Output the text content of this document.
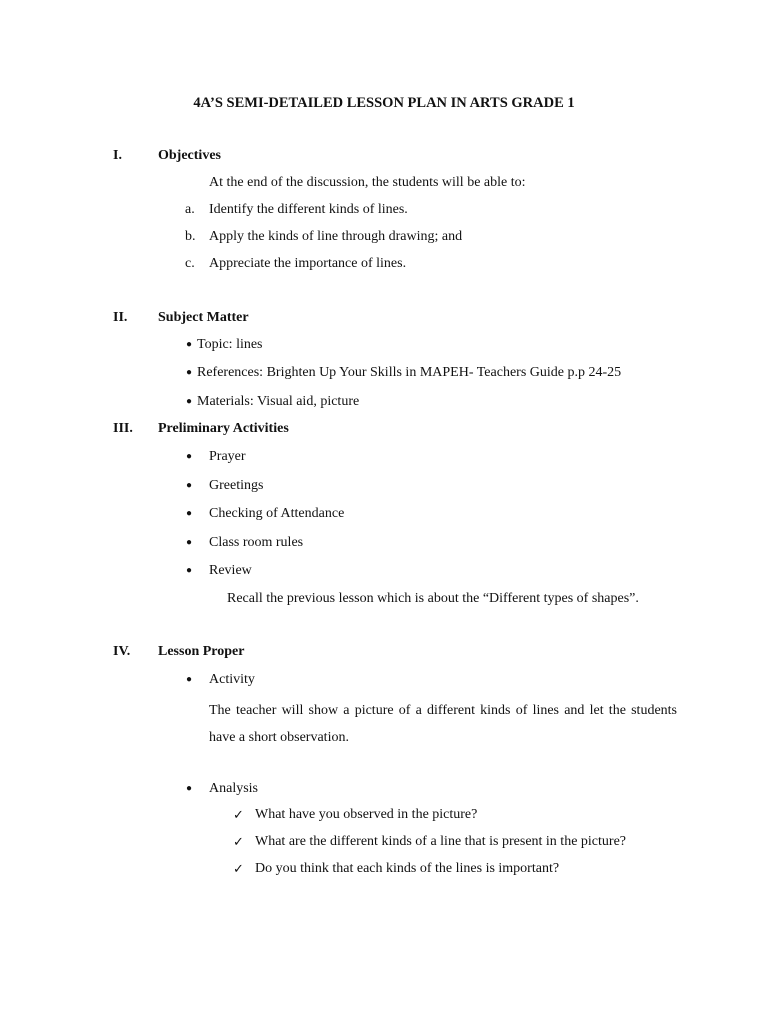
4A’S SEMI-DETAILED LESSON PLAN IN ARTS GRADE 1
I.	Objectives
At the end of the discussion, the students will be able to:
a. Identify the different kinds of lines.
b. Apply the kinds of line through drawing; and
c. Appreciate the importance of lines.
II. Subject Matter
● Topic: lines
● References: Brighten Up Your Skills in MAPEH- Teachers Guide p.p 24-25
● Materials: Visual aid, picture
III. Preliminary Activities
● Prayer
● Greetings
● Checking of Attendance
● Class room rules
● Review
Recall the previous lesson which is about the “Different types of shapes”.
IV. Lesson Proper
● Activity
The teacher will show a picture of a different kinds of lines and let the students have a short observation.
● Analysis
✓ What have you observed in the picture?
✓ What are the different kinds of a line that is present in the picture?
✓ Do you think that each kinds of the lines is important?
